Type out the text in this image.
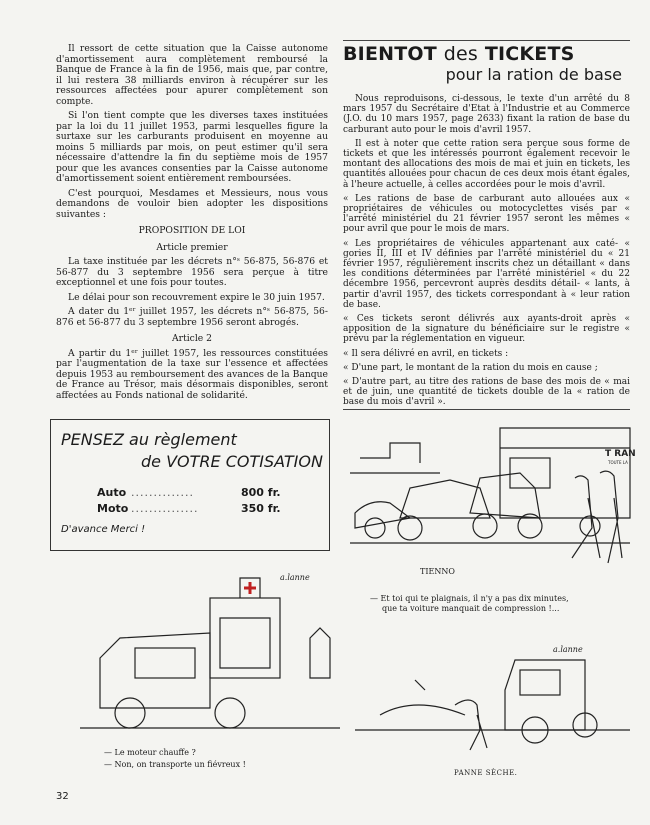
Il ressort de cette situation que la Caisse autonome d'amortissement aura complètement remboursé la Banque de France à la fin de 1956, mais que, par contre, il lui restera 38 milliards environ à récupérer sur les ressources affectées pour apurer complètement son compte.

Si l'on tient compte que les diverses taxes instituées par la loi du 11 juillet 1953, parmi lesquelles figure la surtaxe sur les carburants produisent en moyenne au moins 5 milliards par mois, on peut estimer qu'il sera nécessaire d'attendre la fin du septième mois de 1957 pour que les avances consenties par la Caisse autonome d'amortissement soient entièrement remboursées.

C'est pourquoi, Mesdames et Messieurs, nous vous demandons de vouloir bien adopter les dispositions suivantes :

PROPOSITION DE LOI

Article premier

La taxe instituée par les décrets n°ˢ 56-875, 56-876 et 56-877 du 3 septembre 1956 sera perçue à titre exceptionnel et une fois pour toutes.

Le délai pour son recouvrement expire le 30 juin 1957.

A dater du 1ᵉʳ juillet 1957, les décrets n°ˢ 56-875, 56-876 et 56-877 du 3 septembre 1956 seront abrogés.

Article 2

A partir du 1ᵉʳ juillet 1957, les ressources constituées par l'augmentation de la taxe sur l'essence et affectées depuis 1953 au remboursement des avances de la Banque de France au Trésor, mais désormais disponibles, seront affectées au Fonds national de solidarité.

BIENTOT des TICKETS
pour la ration de base

Nous reproduisons, ci-dessous, le texte d'un arrêté du 8 mars 1957 du Secrétaire d'Etat à l'Industrie et au Commerce (J.O. du 10 mars 1957, page 2633) fixant la ration de base du carburant auto pour le mois d'avril 1957.

Il est à noter que cette ration sera perçue sous forme de tickets et que les intéressés pourront également recevoir le montant des allocations des mois de mai et juin en tickets, les quantités allouées pour chacun de ces deux mois étant égales, à l'heure actuelle, à celles accordées pour le mois d'avril.

« Les rations de base de carburant auto allouées aux « propriétaires de véhicules ou motocyclettes visés par « l'arrêté ministériel du 21 février 1957 seront les mêmes « pour avril que pour le mois de mars.

« Les propriétaires de véhicules appartenant aux caté- « gories II, III et IV définies par l'arrêté ministériel du « 21 février 1957, régulièrement inscrits chez un détaillant « dans les conditions déterminées par l'arrêté ministériel « du 22 décembre 1956, percevront auprès desdits détail- « lants, à partir d'avril 1957, des tickets correspondant à « leur ration de base.

« Ces tickets seront délivrés aux ayants-droit après « apposition de la signature du bénéficiaire sur le registre « prévu par la réglementation en vigueur.

« Il sera délivré en avril, en tickets :

« D'une part, le montant de la ration du mois en cause ;

« D'autre part, au titre des rations de base des mois de « mai et de juin, une quantité de tickets double de la « ration de base du mois d'avril ».

PENSEZ au règlement
de VOTRE COTISATION
Auto ..............	800 fr.
Moto ...............	350 fr.
D'avance Merci !
T RAN
TOUTE LA
TIENNO
— Et toi qui te plaignais, il n'y a pas dix minutes,
que ta voiture manquait de compression !...
a.lanne
— Le moteur chauffe ?
— Non, on transporte un fiévreux !
a.lanne
PANNE SÈCHE.
32
